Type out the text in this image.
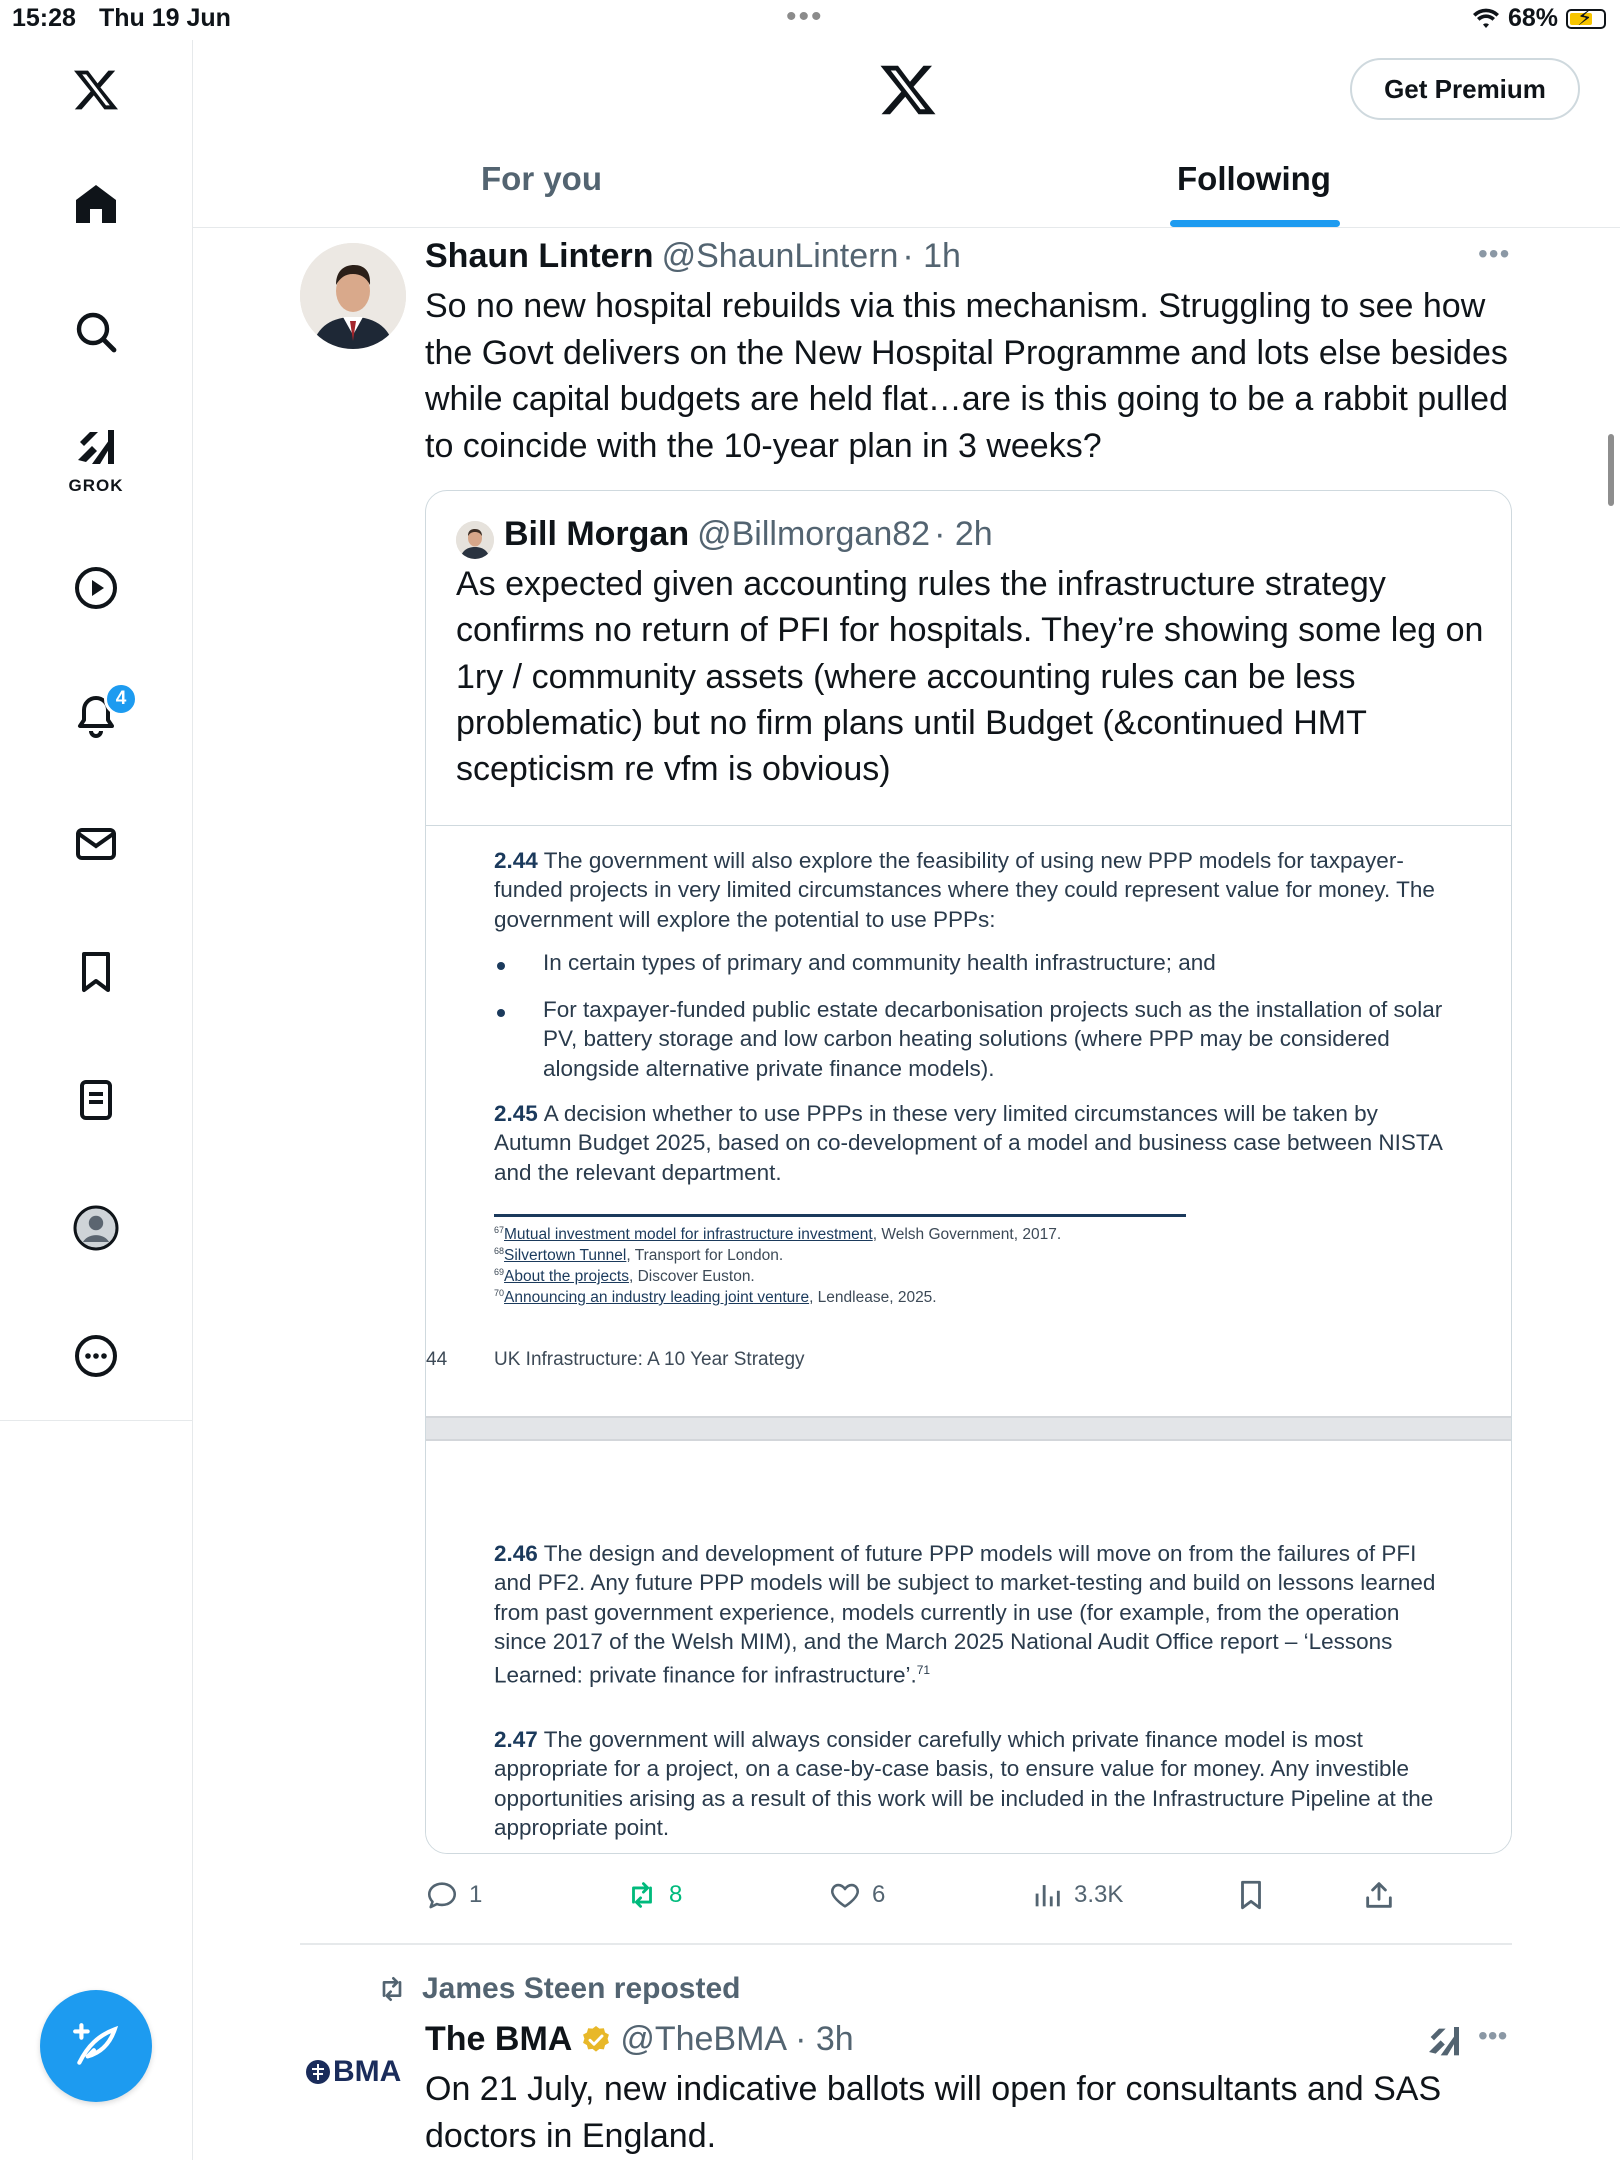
15:28 Thu 19 Jun	•••	68% ⚡
GROK
4
Get Premium
For you	Following
Shaun Lintern @ShaunLintern · 1h	•••
So no new hospital rebuilds via this mechanism. Struggling to see how the Govt delivers on the New Hospital Programme and lots else besides while capital budgets are held flat…are is this going to be a rabbit pulled to coincide with the 10-year plan in 3 weeks?
Bill Morgan @Billmorgan82 · 2h
As expected given accounting rules the infrastructure strategy confirms no return of PFI for hospitals. They’re showing some leg on 1ry / community assets (where accounting rules can be less problematic) but no firm plans until Budget (&continued HMT scepticism re vfm is obvious)
2.44 The government will also explore the feasibility of using new PPP models for taxpayer-funded projects in very limited circumstances where they could represent value for money. The government will explore the potential to use PPPs:
In certain types of primary and community health infrastructure; and
For taxpayer-funded public estate decarbonisation projects such as the installation of solar PV, battery storage and low carbon heating solutions (where PPP may be considered alongside alternative private finance models).
2.45 A decision whether to use PPPs in these very limited circumstances will be taken by Autumn Budget 2025, based on co-development of a model and business case between NISTA and the relevant department.
$^{67}$Mutual investment model for infrastructure investment, Welsh Government, 2017.
$^{68}$Silvertown Tunnel, Transport for London.
$^{69}$About the projects, Discover Euston.
$^{70}$Announcing an industry leading joint venture, Lendlease, 2025.
44 UK Infrastructure: A 10 Year Strategy
2.46 The design and development of future PPP models will move on from the failures of PFI and PF2. Any future PPP models will be subject to market-testing and build on lessons learned from past government experience, models currently in use (for example, from the operation since 2017 of the Welsh MIM), and the March 2025 National Audit Office report – ‘Lessons Learned: private finance for infrastructure’.$^{71}$
2.47 The government will always consider carefully which private finance model is most appropriate for a project, on a case-by-case basis, to ensure value for money. Any investible opportunities arising as a result of this work will be included in the Infrastructure Pipeline at the appropriate point.
1	8	6	3.3K
James Steen reposted
BMA
The BMA @TheBMA · 3h	•••
On 21 July, new indicative ballots will open for consultants and SAS doctors in England.
